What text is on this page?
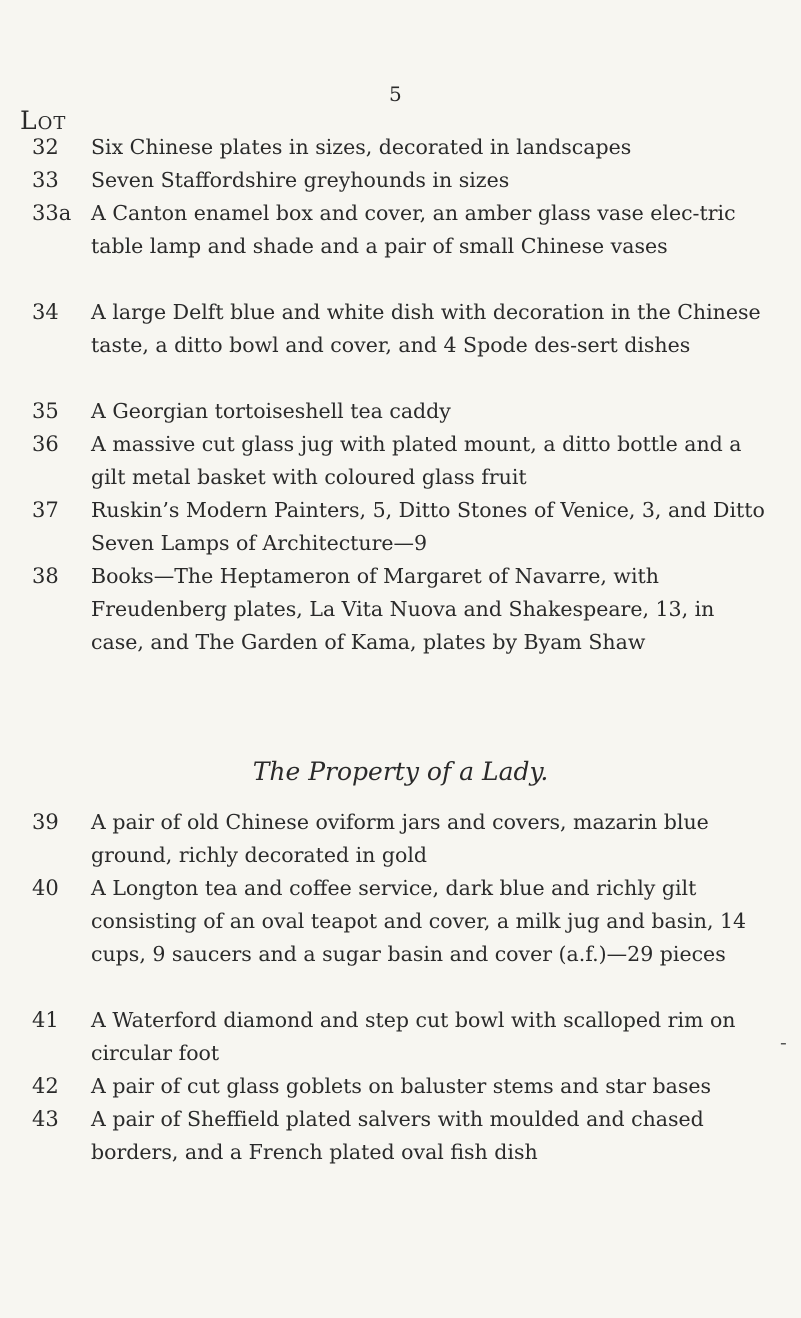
5
Lot
32 Six Chinese plates in sizes, decorated in landscapes
33 Seven Staffordshire greyhounds in sizes
33a A Canton enamel box and cover, an amber glass vase elec-tric table lamp and shade and a pair of small Chinese vases
34 A large Delft blue and white dish with decoration in the Chinese taste, a ditto bowl and cover, and 4 Spode des-sert dishes
35 A Georgian tortoiseshell tea caddy
36 A massive cut glass jug with plated mount, a ditto bottle and a gilt metal basket with coloured glass fruit
37 Ruskin’s Modern Painters, 5, Ditto Stones of Venice, 3, and Ditto Seven Lamps of Architecture—9
38 Books—The Heptameron of Margaret of Navarre, with Freudenberg plates, La Vita Nuova and Shakespeare, 13, in case, and The Garden of Kama, plates by Byam Shaw
The Property of a Lady.
39 A pair of old Chinese oviform jars and covers, mazarin blue ground, richly decorated in gold
40 A Longton tea and coffee service, dark blue and richly gilt consisting of an oval teapot and cover, a milk jug and basin, 14 cups, 9 saucers and a sugar basin and cover (a.f.)—29 pieces
41 A Waterford diamond and step cut bowl with scalloped rim on circular foot
42 A pair of cut glass goblets on baluster stems and star bases
43 A pair of Sheffield plated salvers with moulded and chased borders, and a French plated oval fish dish
-
